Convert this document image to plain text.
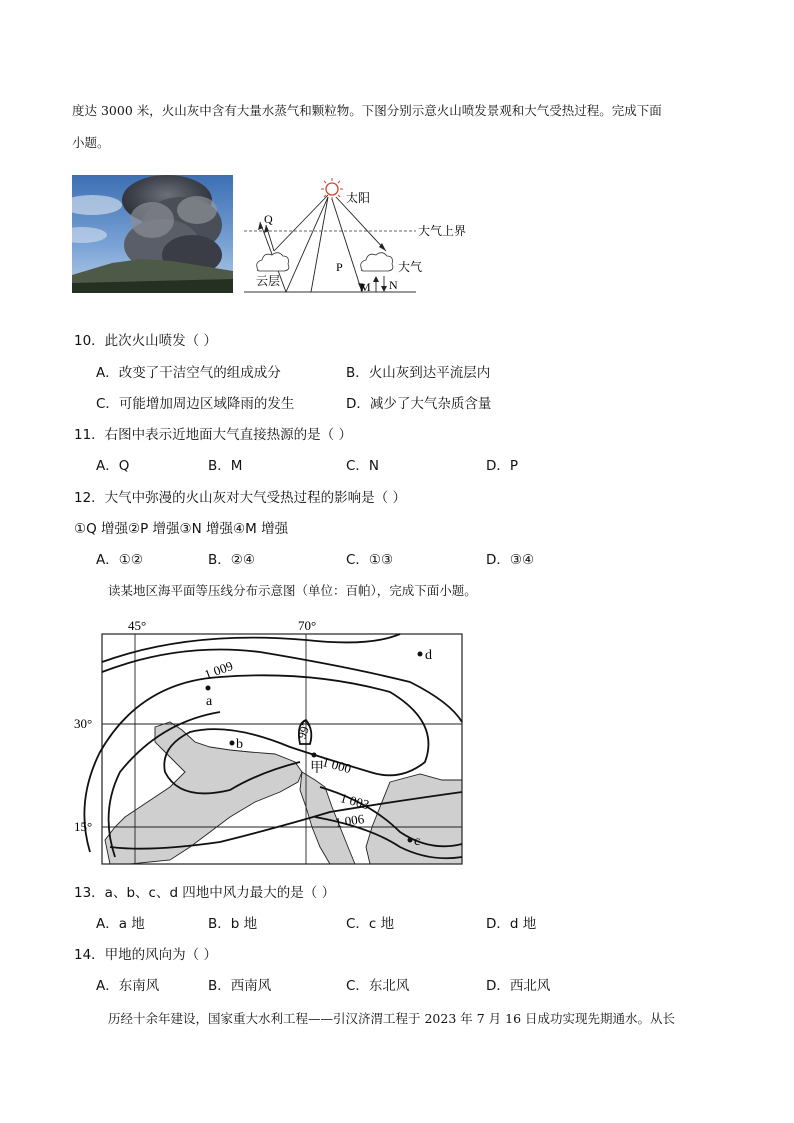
度达 3000 米，火山灰中含有大量水蒸气和颗粒物。下图分别示意火山喷发景观和大气受热过程。完成下面
小题。
太阳
大气上界
云层
大气
Q
P
M N
10．此次火山喷发（ ）
A．改变了干洁空气的组成成分	B．火山灰到达平流层内
C．可能增加周边区域降雨的发生	D．减少了大气杂质含量
11．右图中表示近地面大气直接热源的是（ ）
A．Q	B．M	C．N	D．P
12．大气中弥漫的火山灰对大气受热过程的影响是（ ）
①Q 增强②P 增强③N 增强④M 增强
A．①②	B．②④	C．①③	D．③④
读某地区海平面等压线分布示意图（单位：百帕），完成下面小题。
45°	70°
30°
15°
1 009
997
1 000
1 003
1 006
a
b
c
d
甲
13．a、b、c、d 四地中风力最大的是（ ）
A．a 地	B．b 地	C．c 地	D．d 地
14．甲地的风向为（ ）
A．东南风	B．西南风	C．东北风	D．西北风
历经十余年建设，国家重大水利工程——引汉济渭工程于 2023 年 7 月 16 日成功实现先期通水。从长
